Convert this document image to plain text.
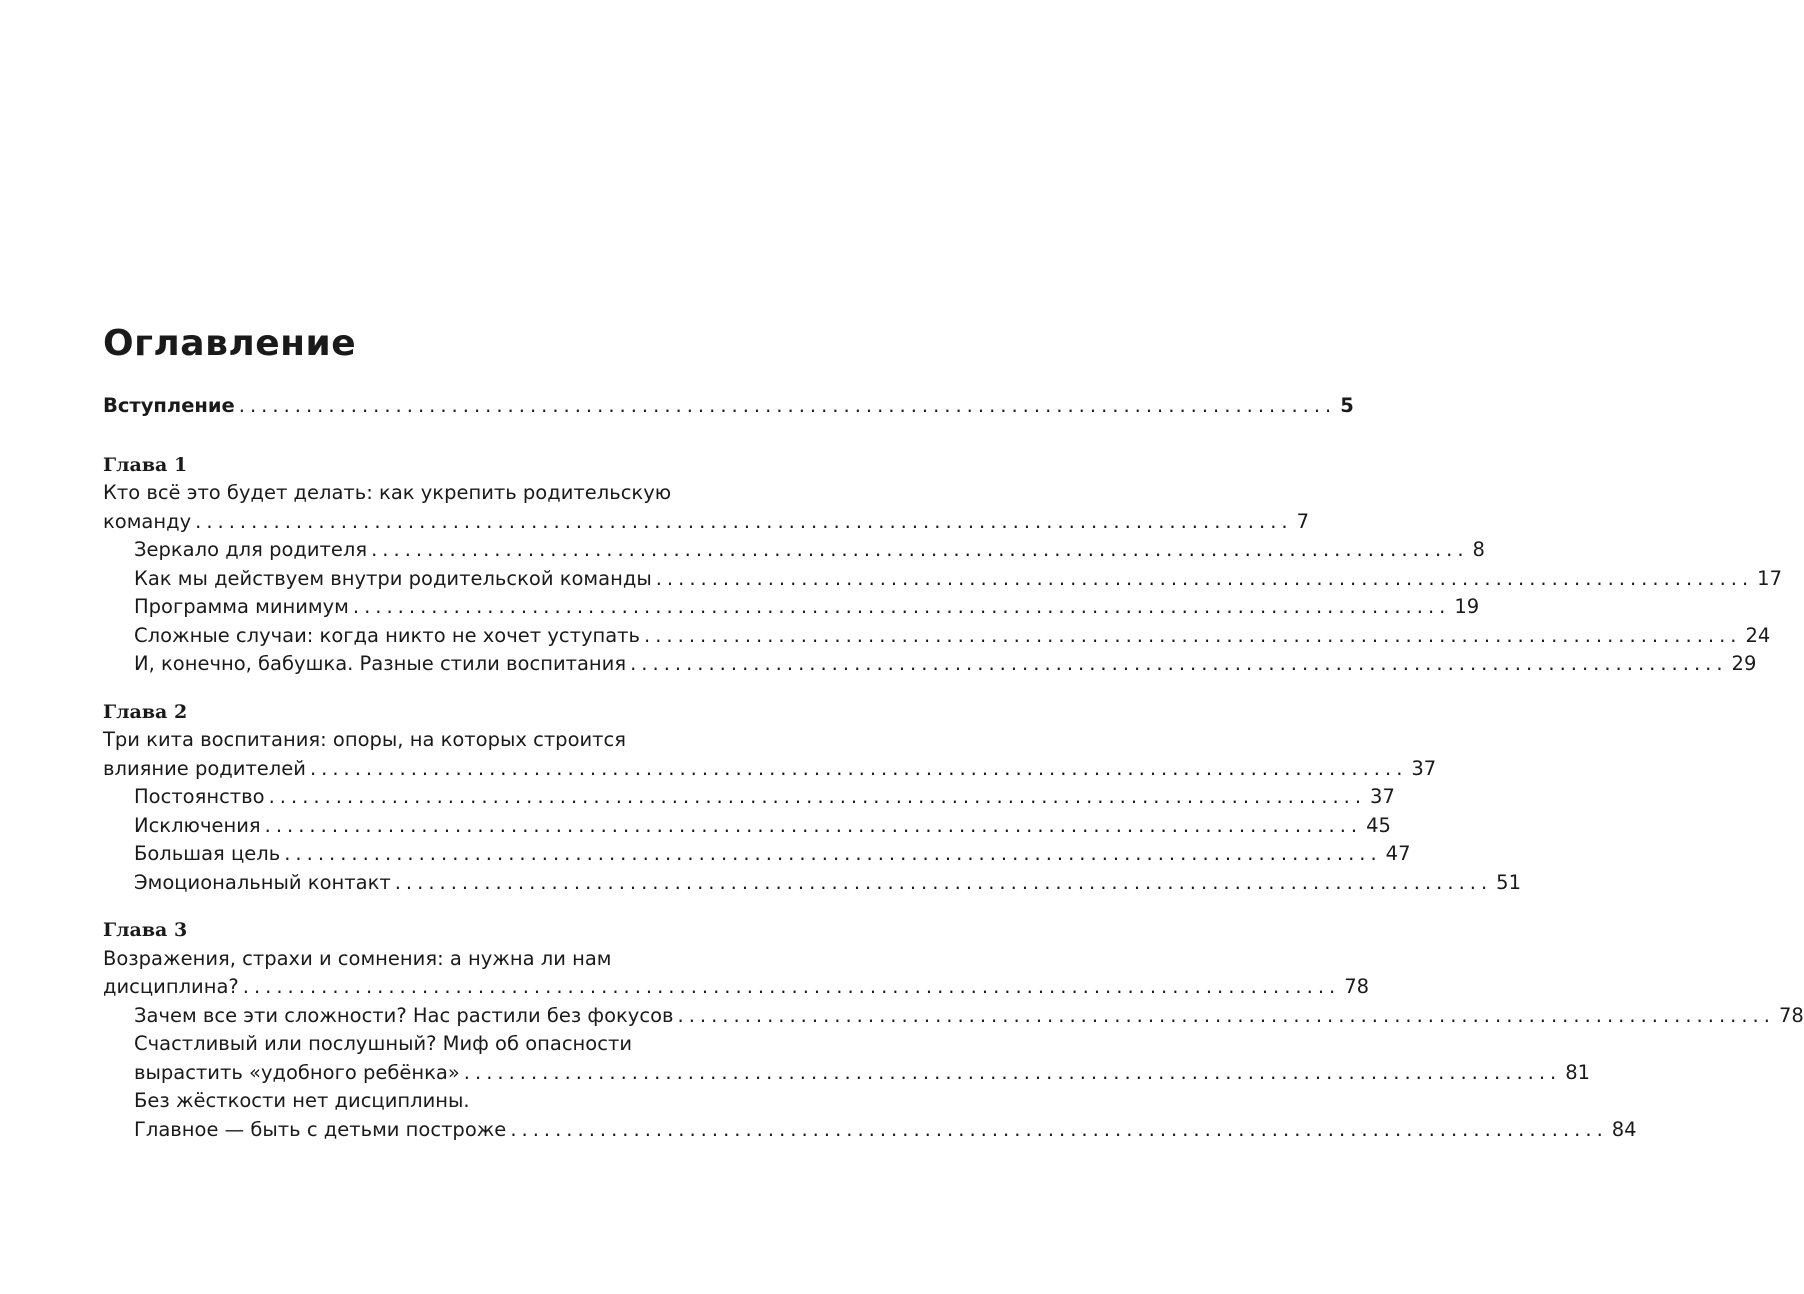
Оглавление
Вступление .................................................................................................. 5
Глава 1
Кто всё это будет делать: как укрепить родительскую
команду .................................................................................................. 7
Зеркало для родителя .................................................................................................. 8
Как мы действуем внутри родительской команды .................................................................................................. 17
Программа минимум .................................................................................................. 19
Сложные случаи: когда никто не хочет уступать .................................................................................................. 24
И, конечно, бабушка. Разные стили воспитания .................................................................................................. 29
Глава 2
Три кита воспитания: опоры, на которых строится
влияние родителей .................................................................................................. 37
Постоянство .................................................................................................. 37
Исключения .................................................................................................. 45
Большая цель .................................................................................................. 47
Эмоциональный контакт .................................................................................................. 51
Глава 3
Возражения, страхи и сомнения: а нужна ли нам
дисциплина? .................................................................................................. 78
Зачем все эти сложности? Нас растили без фокусов .................................................................................................. 78
Счастливый или послушный? Миф об опасности
вырастить «удобного ребёнка» .................................................................................................. 81
Без жёсткости нет дисциплины.
Главное — быть с детьми построже .................................................................................................. 84
